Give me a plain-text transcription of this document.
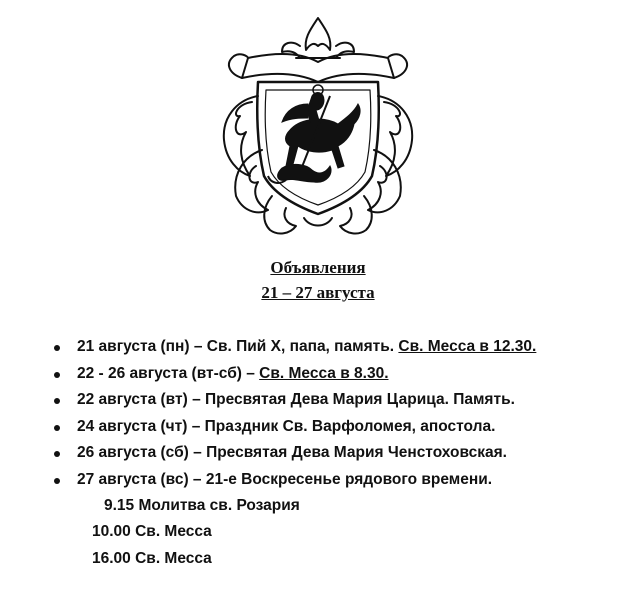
Объявления
21 – 27 августа
21 августа (пн) – Св. Пий X, папа, память. Св. Месса в 12.30.
22 - 26 августа (вт-сб) – Св. Месса в 8.30.
22 августа (вт) – Пресвятая Дева Мария Царица. Память.
24 августа (чт) – Праздник Св. Варфоломея, апостола.
26 августа (сб) – Пресвятая Дева Мария Ченстоховская.
27 августа (вс) – 21-е Воскресенье рядового времени.
9.15 Молитва св. Розария
10.00 Св. Месса
16.00 Св. Месса
